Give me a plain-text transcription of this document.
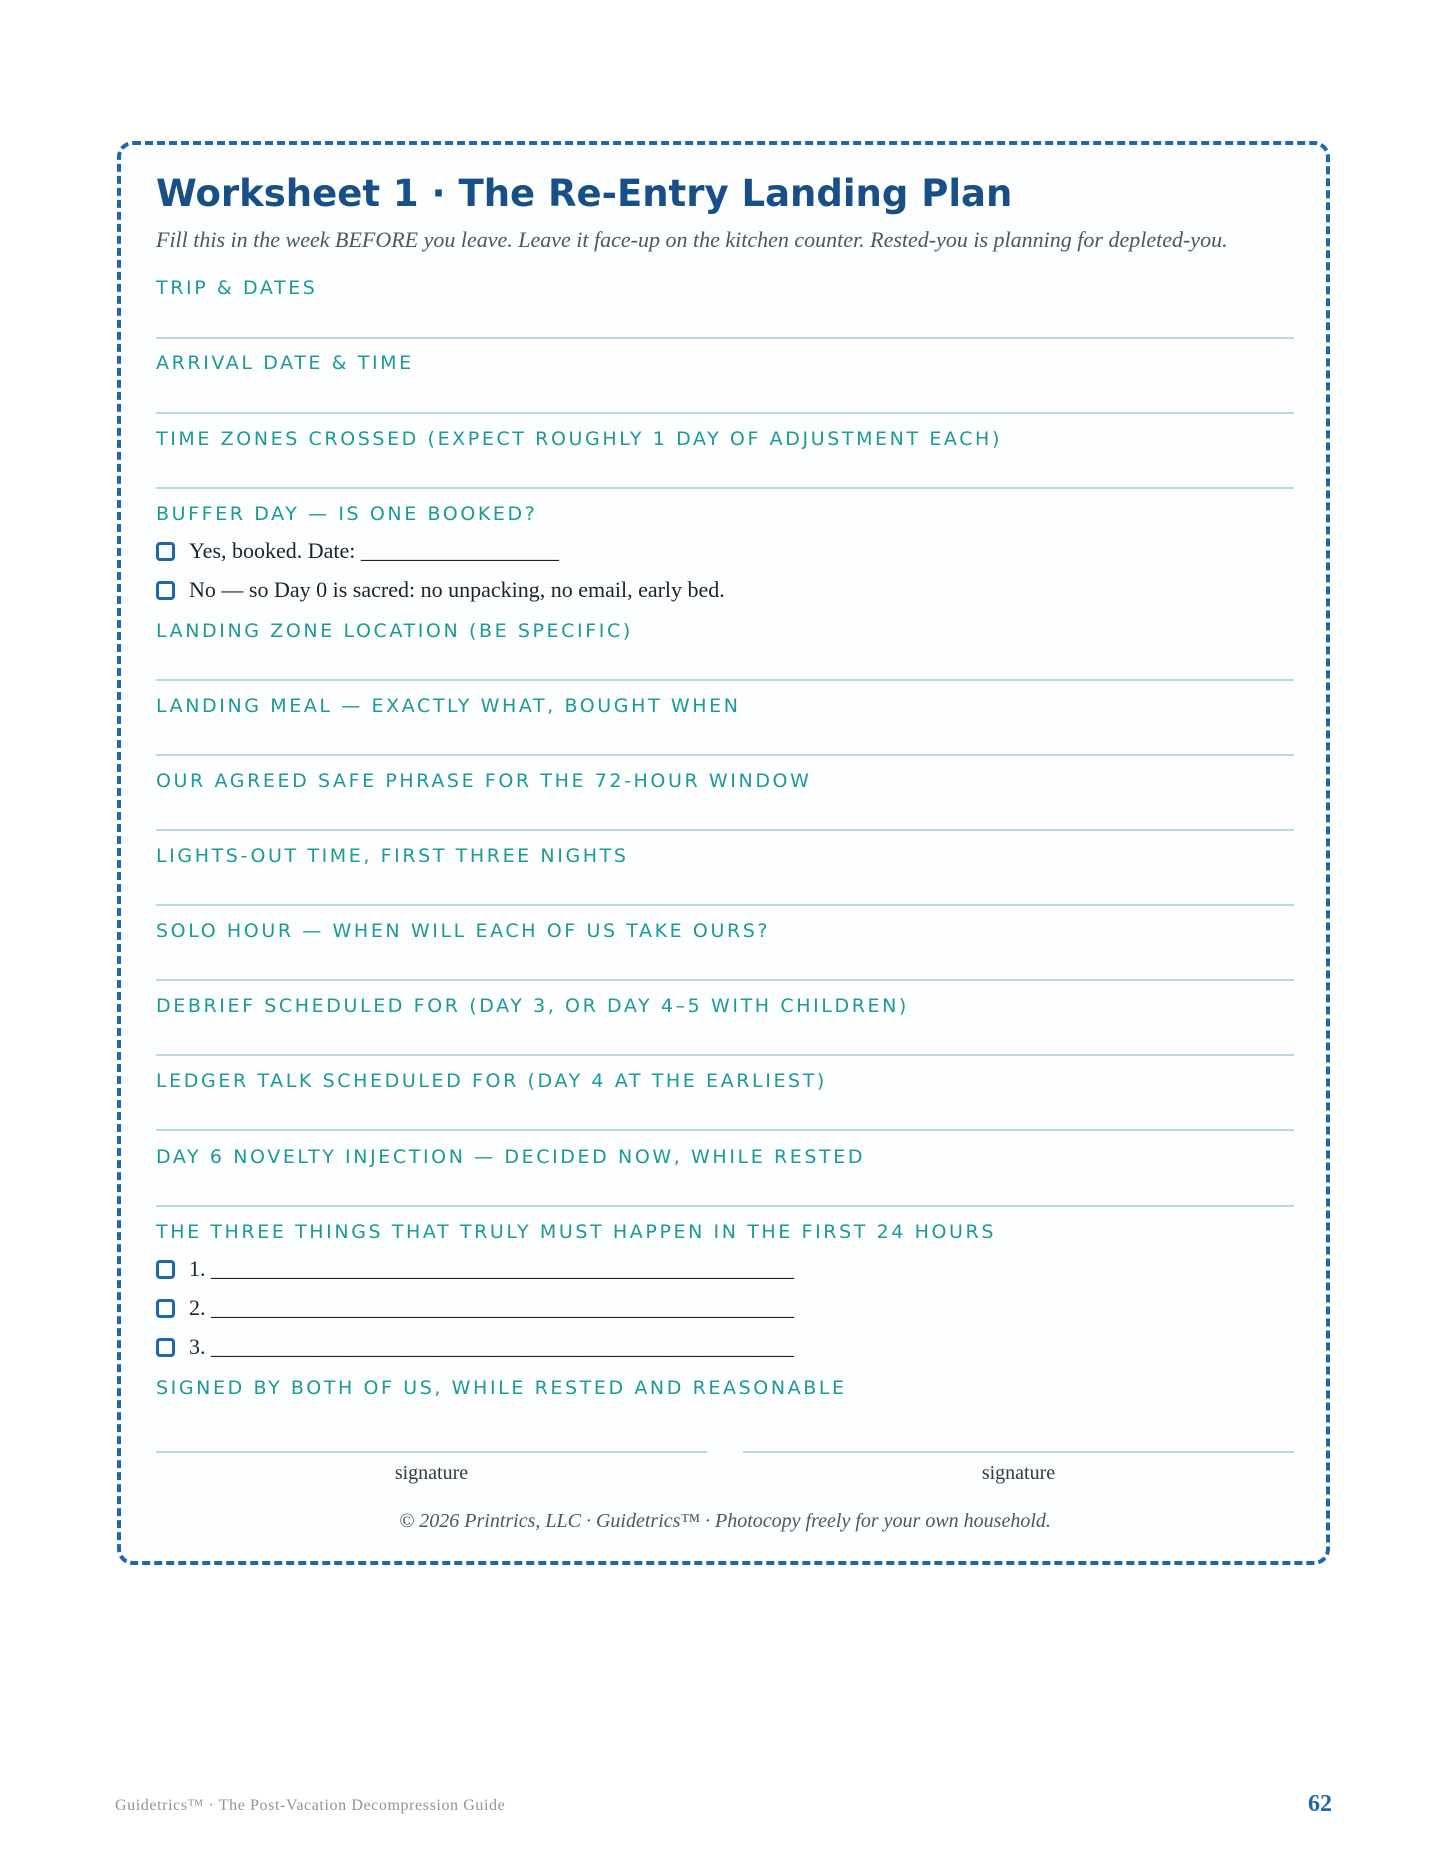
Worksheet 1 · The Re-Entry Landing Plan

Fill this in the week BEFORE you leave. Leave it face-up on the kitchen counter. Rested-you is planning for depleted-you.

TRIP & DATES
ARRIVAL DATE & TIME
TIME ZONES CROSSED (EXPECT ROUGHLY 1 DAY OF ADJUSTMENT EACH)
BUFFER DAY — IS ONE BOOKED?
Yes, booked. Date: __________________
No — so Day 0 is sacred: no unpacking, no email, early bed.
LANDING ZONE LOCATION (BE SPECIFIC)
LANDING MEAL — EXACTLY WHAT, BOUGHT WHEN
OUR AGREED SAFE PHRASE FOR THE 72-HOUR WINDOW
LIGHTS-OUT TIME, FIRST THREE NIGHTS
SOLO HOUR — WHEN WILL EACH OF US TAKE OURS?
DEBRIEF SCHEDULED FOR (DAY 3, OR DAY 4–5 WITH CHILDREN)
LEDGER TALK SCHEDULED FOR (DAY 4 AT THE EARLIEST)
DAY 6 NOVELTY INJECTION — DECIDED NOW, WHILE RESTED
THE THREE THINGS THAT TRULY MUST HAPPEN IN THE FIRST 24 HOURS
1. _____________________________________________________
2. _____________________________________________________
3. _____________________________________________________
SIGNED BY BOTH OF US, WHILE RESTED AND REASONABLE
signature	signature
© 2026 Printrics, LLC · Guidetrics™ · Photocopy freely for your own household.
Guidetrics™ · The Post-Vacation Decompression Guide	62
